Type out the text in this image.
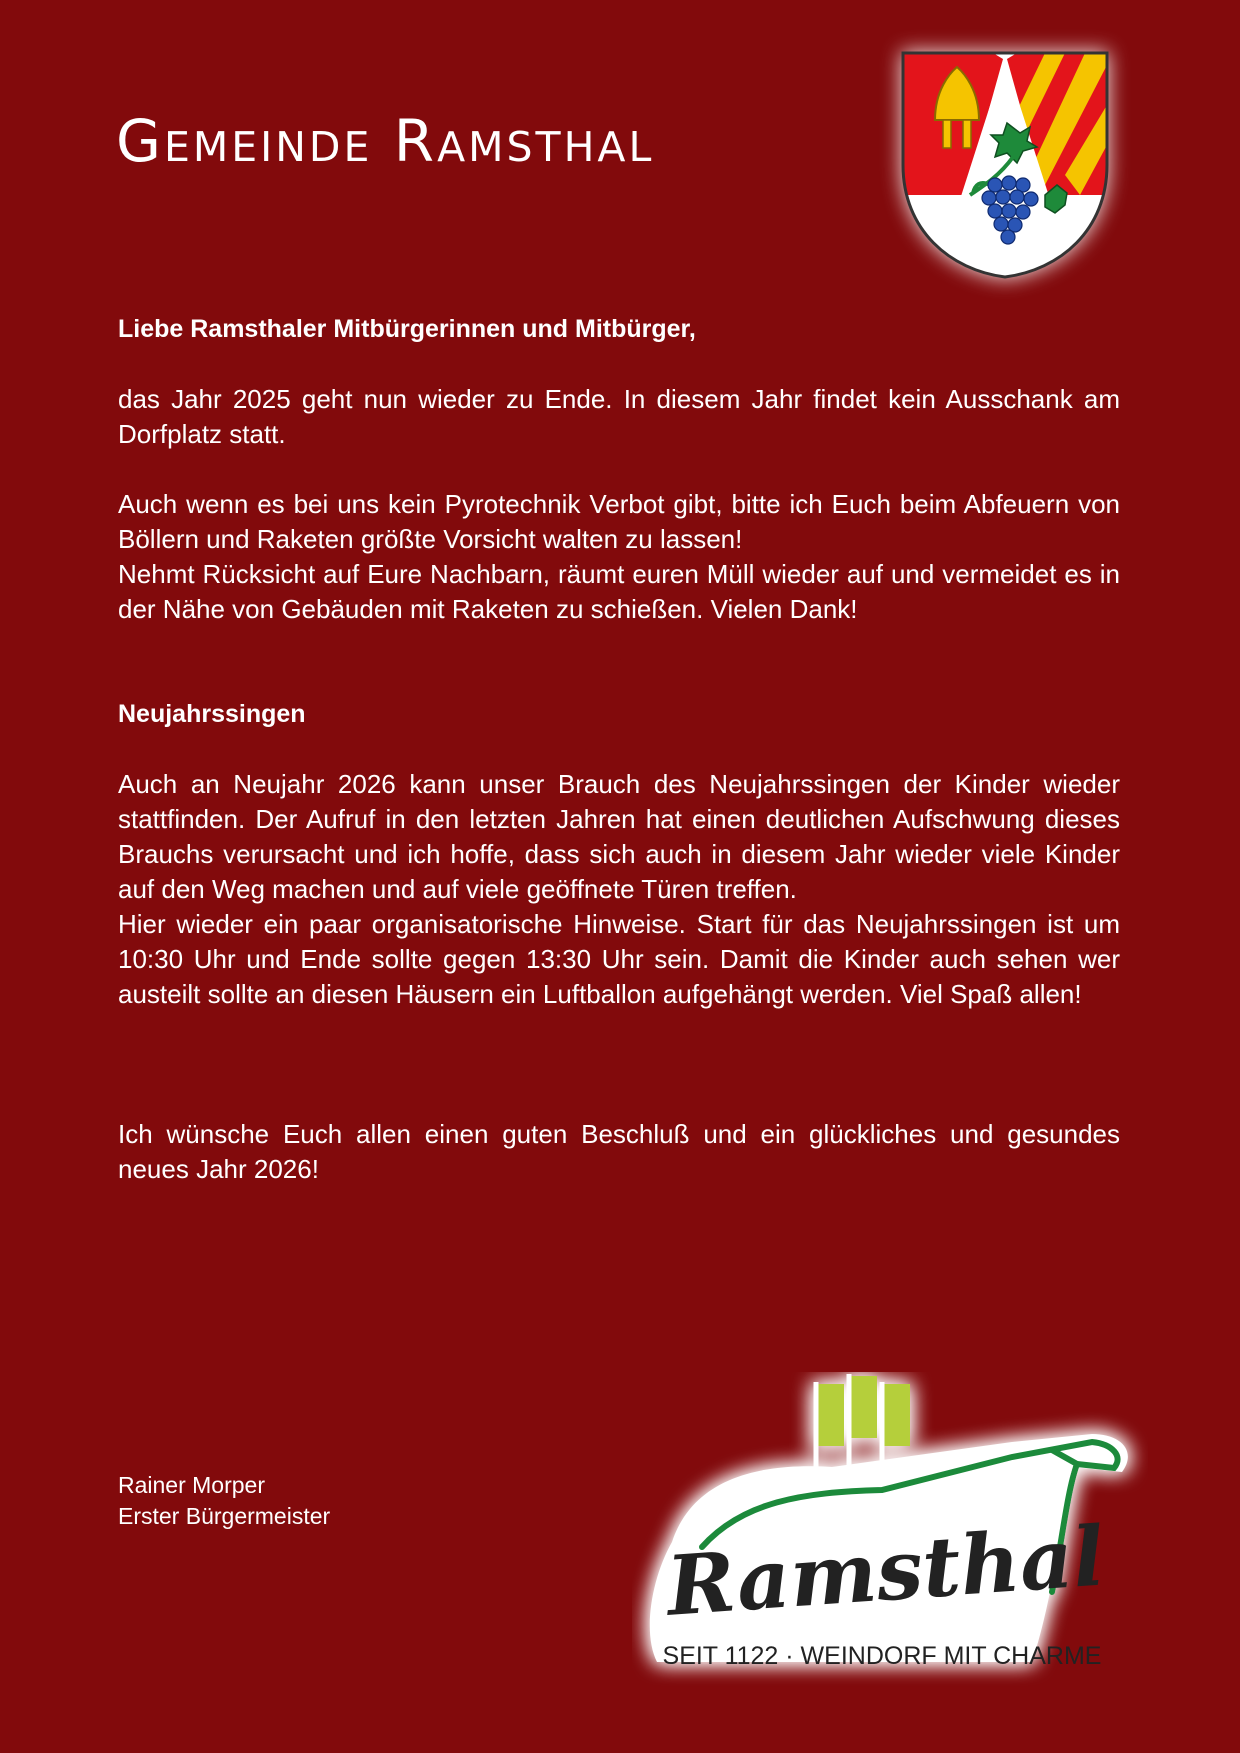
Gemeinde Ramsthal

Liebe Ramsthaler Mitbürgerinnen und Mitbürger,

das Jahr 2025 geht nun wieder zu Ende. In diesem Jahr findet kein Ausschank am Dorfplatz statt.

Auch wenn es bei uns kein Pyrotechnik Verbot gibt, bitte ich Euch beim Abfeuern von Böllern und Raketen größte Vorsicht walten zu lassen!

Nehmt Rücksicht auf Eure Nachbarn, räumt euren Müll wieder auf und vermeidet es in der Nähe von Gebäuden mit Raketen zu schießen. Vielen Dank!

Neujahrssingen

Auch an Neujahr 2026 kann unser Brauch des Neujahrssingen der Kinder wieder stattfinden. Der Aufruf in den letzten Jahren hat einen deutlichen Aufschwung dieses Brauchs verursacht und ich hoffe, dass sich auch in diesem Jahr wieder viele Kinder auf den Weg machen und auf viele geöffnete Türen treffen.

Hier wieder ein paar organisatorische Hinweise. Start für das Neujahrssingen ist um 10:30 Uhr und Ende sollte gegen 13:30 Uhr sein. Damit die Kinder auch sehen wer austeilt sollte an diesen Häusern ein Luftballon aufgehängt werden. Viel Spaß allen!

Ich wünsche Euch allen einen guten Beschluß und ein glückliches und gesundes neues Jahr 2026!

Rainer Morper
Erster Bürgermeister	Ramsthal
SEIT 1122 · WEINDORF MIT CHARME
